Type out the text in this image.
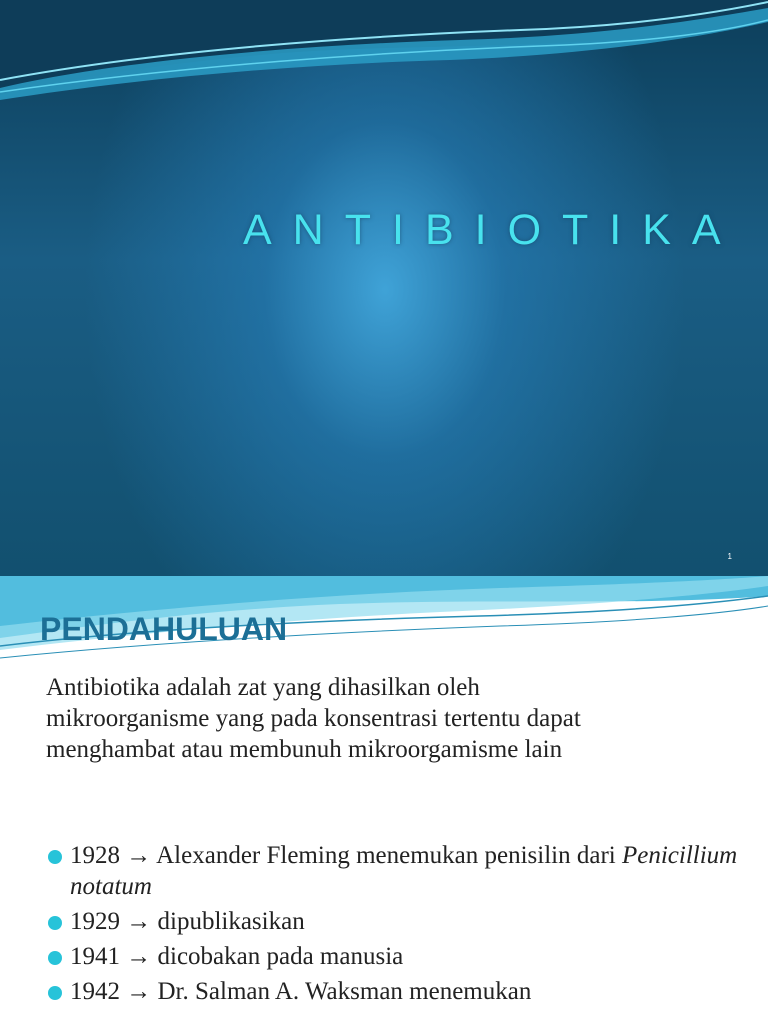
ANTIBIOTIKA
1
PENDAHULUAN
Antibiotika adalah zat yang dihasilkan oleh mikroorganisme yang pada konsentrasi tertentu dapat menghambat atau membunuh mikroorgamisme lain
1928 → Alexander Fleming menemukan penisilin dari Penicillium notatum
1929 → dipublikasikan
1941 → dicobakan pada manusia
1942 → Dr. Salman A. Waksman menemukan
